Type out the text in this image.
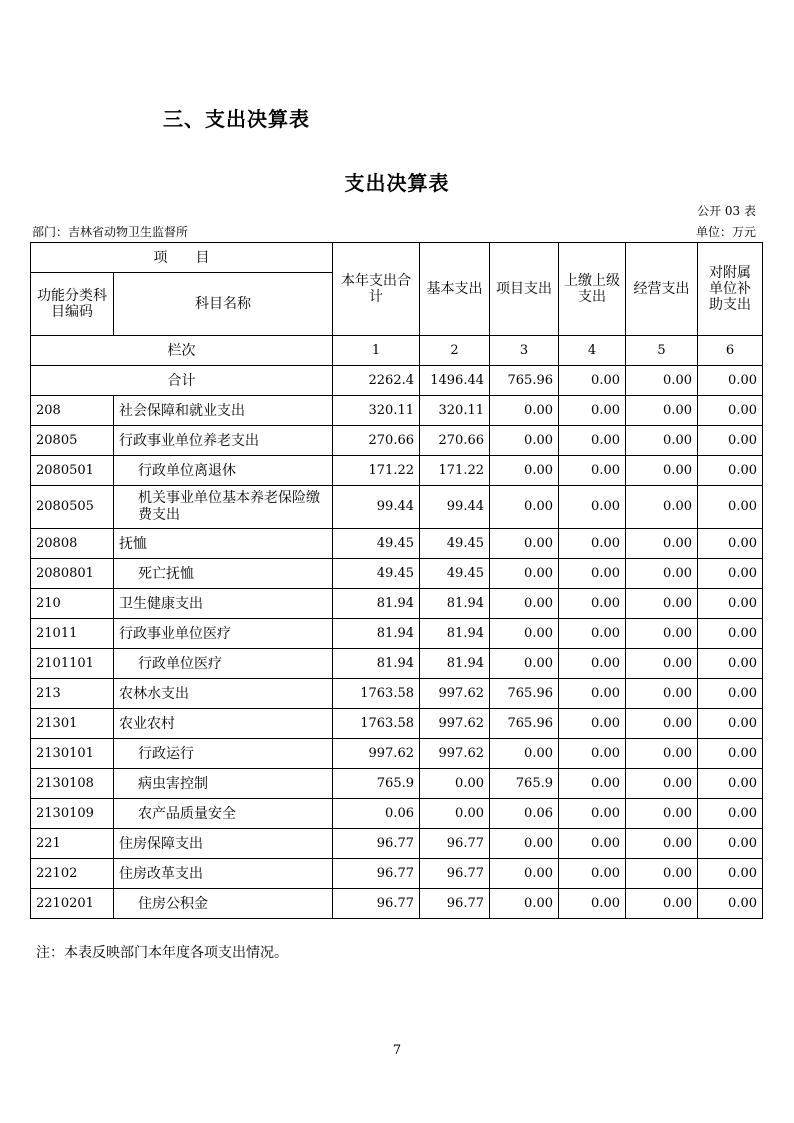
三、支出决算表
支出决算表
公开 03 表
部门：吉林省动物卫生监督所	单位：万元
项　　目		本年支出合计	基本支出	项目支出	上缴上级支出	经营支出	对附属单位补助支出
功能分类科目编码	科目名称						
栏次		1	2	3	4	5	6
合计		2262.4	1496.44	765.96	0.00	0.00	0.00
208	社会保障和就业支出	320.11	320.11	0.00	0.00	0.00	0.00
20805	行政事业单位养老支出	270.66	270.66	0.00	0.00	0.00	0.00
2080501	行政单位离退休	171.22	171.22	0.00	0.00	0.00	0.00
2080505	机关事业单位基本养老保险缴费支出	99.44	99.44	0.00	0.00	0.00	0.00
20808	抚恤	49.45	49.45	0.00	0.00	0.00	0.00
2080801	死亡抚恤	49.45	49.45	0.00	0.00	0.00	0.00
210	卫生健康支出	81.94	81.94	0.00	0.00	0.00	0.00
21011	行政事业单位医疗	81.94	81.94	0.00	0.00	0.00	0.00
2101101	行政单位医疗	81.94	81.94	0.00	0.00	0.00	0.00
213	农林水支出	1763.58	997.62	765.96	0.00	0.00	0.00
21301	农业农村	1763.58	997.62	765.96	0.00	0.00	0.00
2130101	行政运行	997.62	997.62	0.00	0.00	0.00	0.00
2130108	病虫害控制	765.9	0.00	765.9	0.00	0.00	0.00
2130109	农产品质量安全	0.06	0.00	0.06	0.00	0.00	0.00
221	住房保障支出	96.77	96.77	0.00	0.00	0.00	0.00
22102	住房改革支出	96.77	96.77	0.00	0.00	0.00	0.00
2210201	住房公积金	96.77	96.77	0.00	0.00	0.00	0.00
注：本表反映部门本年度各项支出情况。
7
